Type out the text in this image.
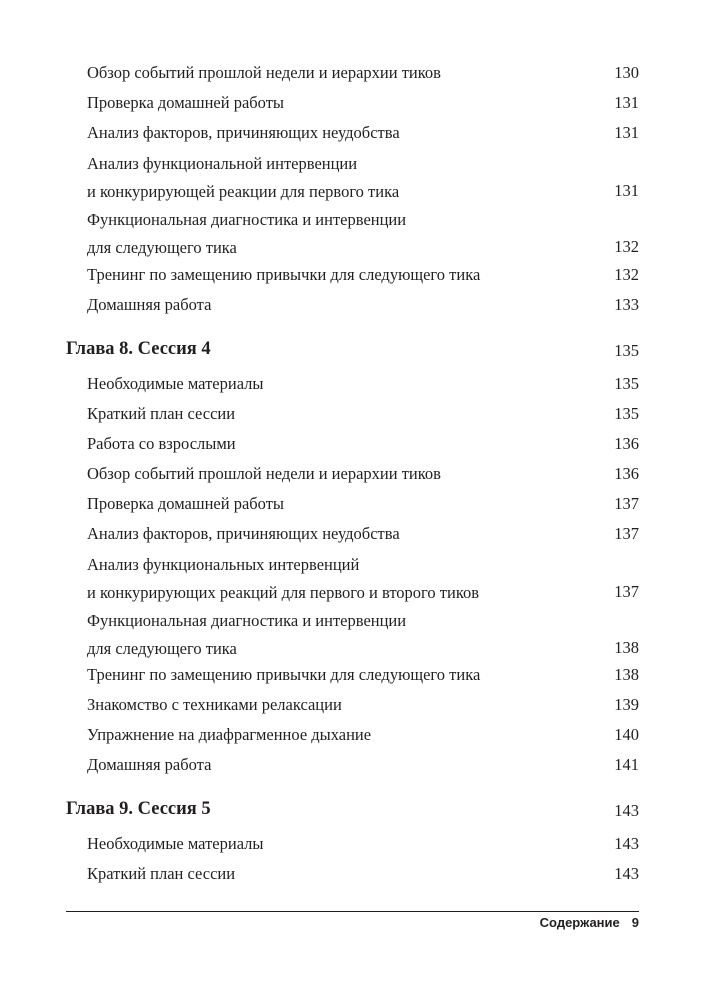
Обзор событий прошлой недели и иерархии тиков	130
Проверка домашней работы	131
Анализ факторов, причиняющих неудобства	131
Анализ функциональной интервенции
и конкурирующей реакции для первого тика	131
Функциональная диагностика и интервенции
для следующего тика	132
Тренинг по замещению привычки для следующего тика	132
Домашняя работа	133
Глава 8. Сессия 4	135
Необходимые материалы	135
Краткий план сессии	135
Работа со взрослыми	136
Обзор событий прошлой недели и иерархии тиков	136
Проверка домашней работы	137
Анализ факторов, причиняющих неудобства	137
Анализ функциональных интервенций
и конкурирующих реакций для первого и второго тиков	137
Функциональная диагностика и интервенции
для следующего тика	138
Тренинг по замещению привычки для следующего тика	138
Знакомство с техниками релаксации	139
Упражнение на диафрагменное дыхание	140
Домашняя работа	141
Глава 9. Сессия 5	143
Необходимые материалы	143
Краткий план сессии	143
Содержание 9
